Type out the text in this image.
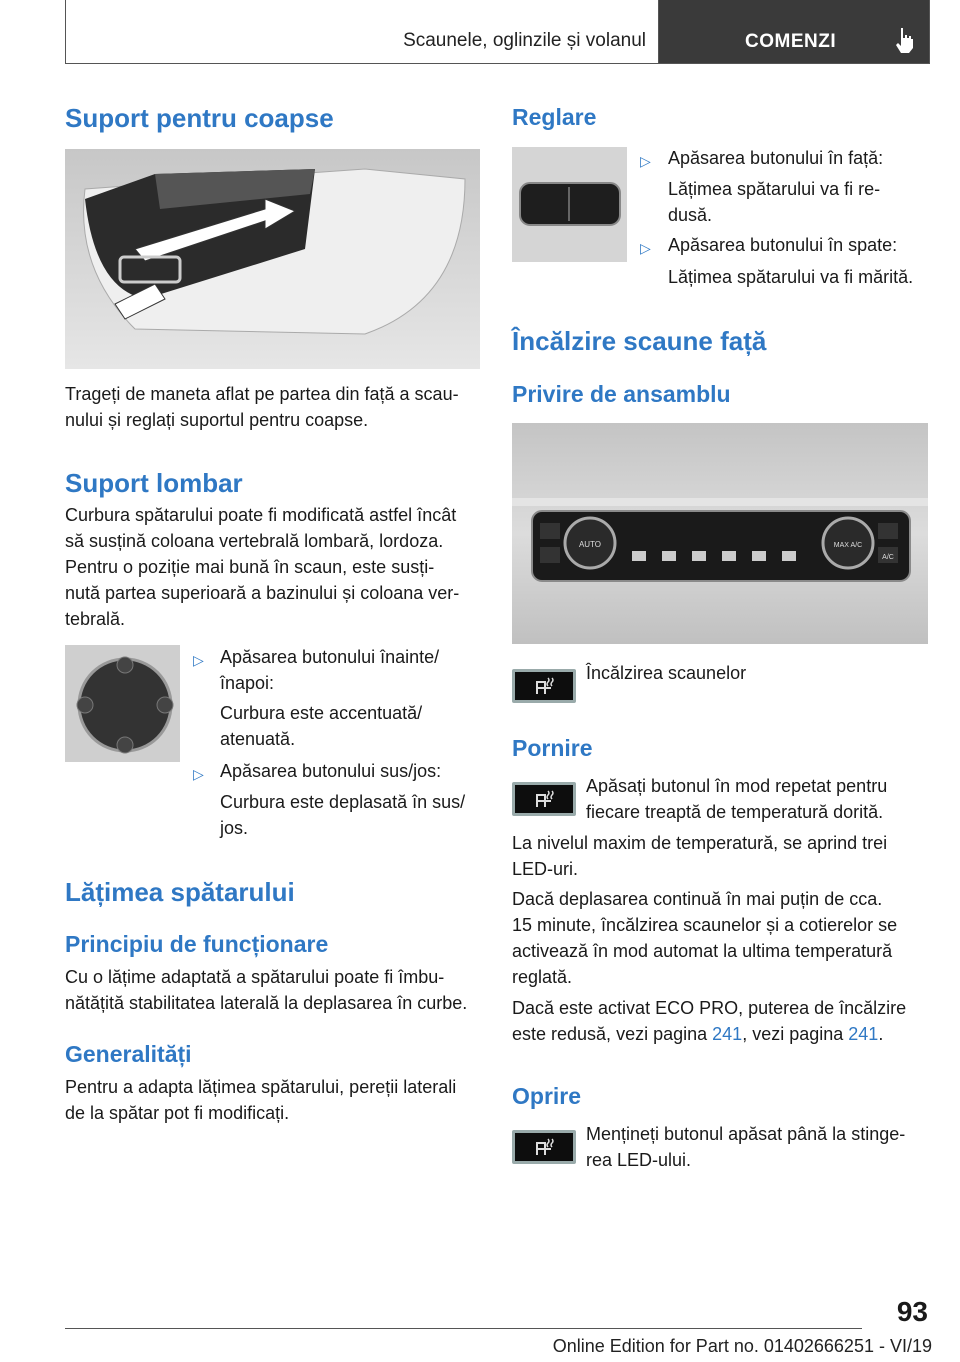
Scaunele, oglinzile și volanul	COMENZI
Suport pentru coapse
Trageți de maneta aflat pe partea din față a scau-
nului și reglați suportul pentru coapse.
Suport lombar
Curbura spătarului poate fi modificată astfel încât
să susțină coloana vertebrală lombară, lordoza.
Pentru o poziție mai bună în scaun, este susți-
nută partea superioară a bazinului și coloana ver-
tebrală.
▷ Apăsarea butonului înainte/
înapoi:
Curbura este accentuată/
atenuată.
▷ Apăsarea butonului sus/jos:
Curbura este deplasată în sus/
jos.
Lățimea spătarului
Principiu de funcționare
Cu o lățime adaptată a spătarului poate fi îmbu-
nătățită stabilitatea laterală la deplasarea în curbe.
Generalități
Pentru a adapta lățimea spătarului, pereții laterali
de la spătar pot fi modificați.
Reglare
▷ Apăsarea butonului în față:
Lățimea spătarului va fi re-
dusă.
▷ Apăsarea butonului în spate:
Lățimea spătarului va fi mărită.
Încălzire scaune față
Privire de ansamblu
AUTO	MAX A/C
A/C
Încălzirea scaunelor
Pornire
Apăsați butonul în mod repetat pentru
fiecare treaptă de temperatură dorită.
La nivelul maxim de temperatură, se aprind trei
LED-uri.
Dacă deplasarea continuă în mai puțin de cca.
15 minute, încălzirea scaunelor și a cotierelor se
activează în mod automat la ultima temperatură
reglată.
Dacă este activat ECO PRO, puterea de încălzire
este redusă, vezi pagina 241, vezi pagina 241.
Oprire
Mențineți butonul apăsat până la stinge-
rea LED-ului.
93
Online Edition for Part no. 01402666251 - VI/19
